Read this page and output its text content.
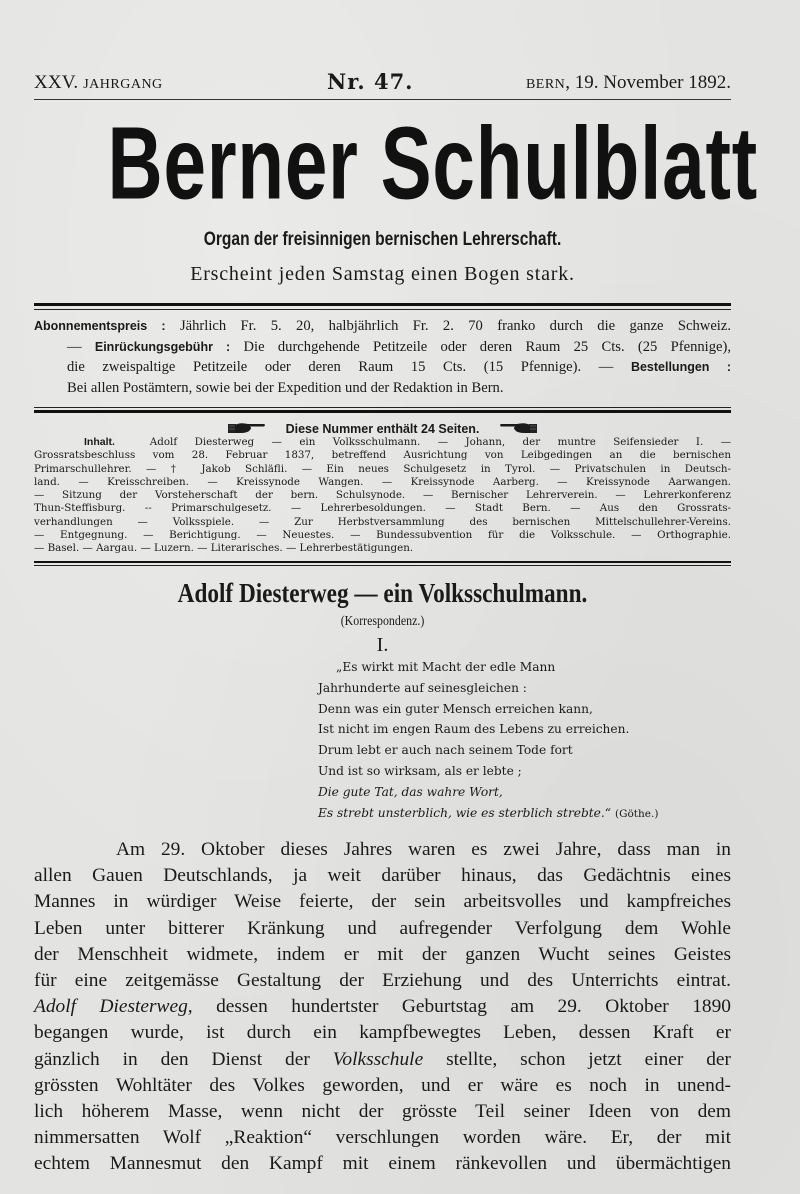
XXV. JAHRGANG	Nr. 47.	BERN, 19. November 1892.
Berner Schulblatt
Organ der freisinnigen bernischen Lehrerschaft.
Erscheint jeden Samstag einen Bogen stark.
Abonnementspreis : Jährlich Fr. 5. 20, halbjährlich Fr. 2. 70 franko durch die ganze Schweiz.
— Einrückungsgebühr : Die durchgehende Petitzeile oder deren Raum 25 Cts. (25 Pfennige),
die zweispaltige Petitzeile oder deren Raum 15 Cts. (15 Pfennige). — Bestellungen :
Bei allen Postämtern, sowie bei der Expedition und der Redaktion in Bern.
Diese Nummer enthält 24 Seiten.
Inhalt.	Adolf Diesterweg — ein Volksschulmann. — Johann, der muntre Seifensieder I. —
Grossratsbeschluss vom 28. Februar 1837, betreffend Ausrichtung von Leibgedingen an die bernischen
Primarschullehrer. — † Jakob Schläfli. — Ein neues Schulgesetz in Tyrol. — Privatschulen in Deutsch-
land. — Kreisschreiben. — Kreissynode Wangen. — Kreissynode Aarberg. — Kreissynode Aarwangen.
— Sitzung der Vorsteherschaft der bern. Schulsynode. — Bernischer Lehrerverein. — Lehrerkonferenz
Thun-Steffisburg. -- Primarschulgesetz. — Lehrerbesoldungen. — Stadt Bern. — Aus den Grossrats-
verhandlungen — Volksspiele. — Zur Herbstversammlung des bernischen Mittelschullehrer-Vereins.
— Entgegnung. — Berichtigung. — Neuestes. — Bundessubvention für die Volksschule. — Orthographie.
— Basel. — Aargau. — Luzern. — Literarisches. — Lehrerbestätigungen.
Adolf Diesterweg — ein Volksschulmann.
(Korrespondenz.)
I.
„Es wirkt mit Macht der edle Mann
Jahrhunderte auf seinesgleichen :
Denn was ein guter Mensch erreichen kann,
Ist nicht im engen Raum des Lebens zu erreichen.
Drum lebt er auch nach seinem Tode fort
Und ist so wirksam, als er lebte ;
Die gute Tat, das wahre Wort,
Es strebt unsterblich, wie es sterblich strebte.“ (Göthe.)
Am 29. Oktober dieses Jahres waren es zwei Jahre, dass man in
allen Gauen Deutschlands, ja weit darüber hinaus, das Gedächtnis eines
Mannes in würdiger Weise feierte, der sein arbeitsvolles und kampfreiches
Leben unter bitterer Kränkung und aufregender Verfolgung dem Wohle
der Menschheit widmete, indem er mit der ganzen Wucht seines Geistes
für eine zeitgemässe Gestaltung der Erziehung und des Unterrichts eintrat.
Adolf Diesterweg, dessen hundertster Geburtstag am 29. Oktober 1890
begangen wurde, ist durch ein kampfbewegtes Leben, dessen Kraft er
gänzlich in den Dienst der Volksschule stellte, schon jetzt einer der
grössten Wohltäter des Volkes geworden, und er wäre es noch in unend-
lich höherem Masse, wenn nicht der grösste Teil seiner Ideen von dem
nimmersatten Wolf „Reaktion“ verschlungen worden wäre. Er, der mit
echtem Mannesmut den Kampf mit einem ränkevollen und übermächtigen
